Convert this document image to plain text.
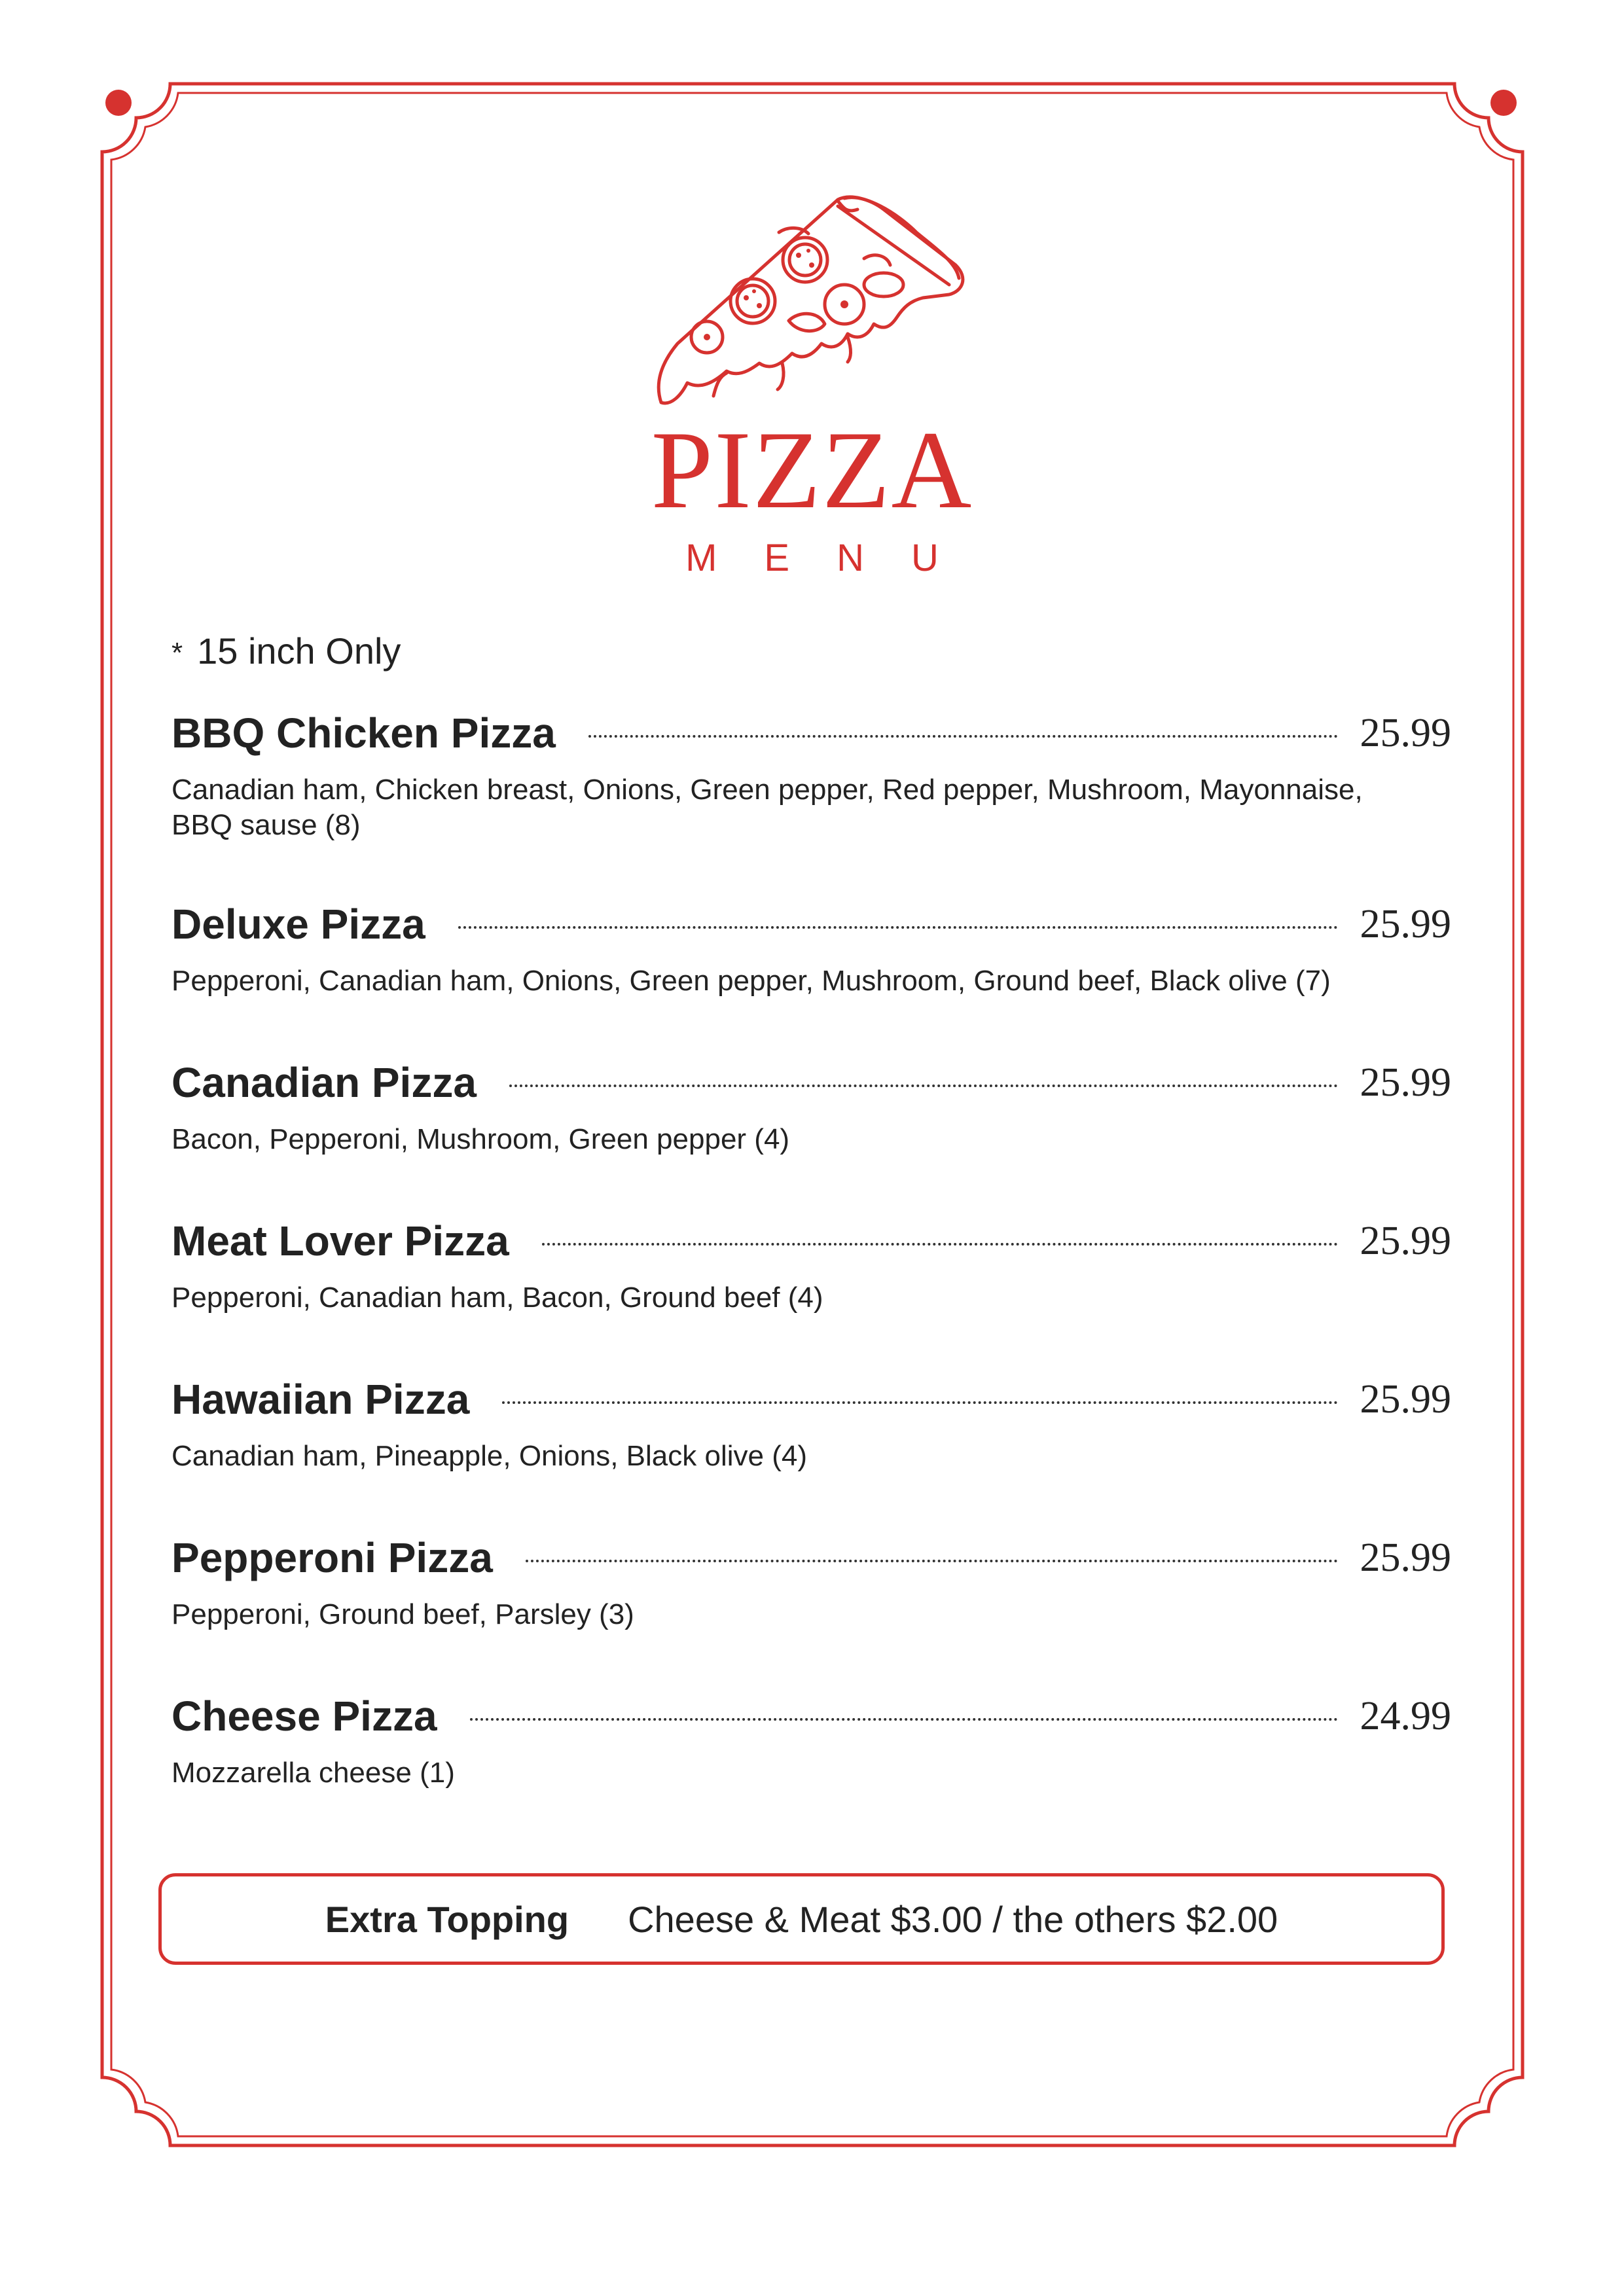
PIZZA
MENU
* 15 inch Only
BBQ Chicken Pizza	25.99
Canadian ham, Chicken breast, Onions, Green pepper, Red pepper, Mushroom, Mayonnaise, BBQ sause (8)
Deluxe Pizza	25.99
Pepperoni, Canadian ham, Onions, Green pepper, Mushroom, Ground beef, Black olive (7)
Canadian Pizza	25.99
Bacon, Pepperoni, Mushroom, Green pepper (4)
Meat Lover Pizza	25.99
Pepperoni, Canadian ham, Bacon, Ground beef (4)
Hawaiian Pizza	25.99
Canadian ham, Pineapple, Onions, Black olive (4)
Pepperoni Pizza	25.99
Pepperoni, Ground beef, Parsley (3)
Cheese Pizza	24.99
Mozzarella cheese (1)
Extra Topping Cheese & Meat $3.00 / the others $2.00
